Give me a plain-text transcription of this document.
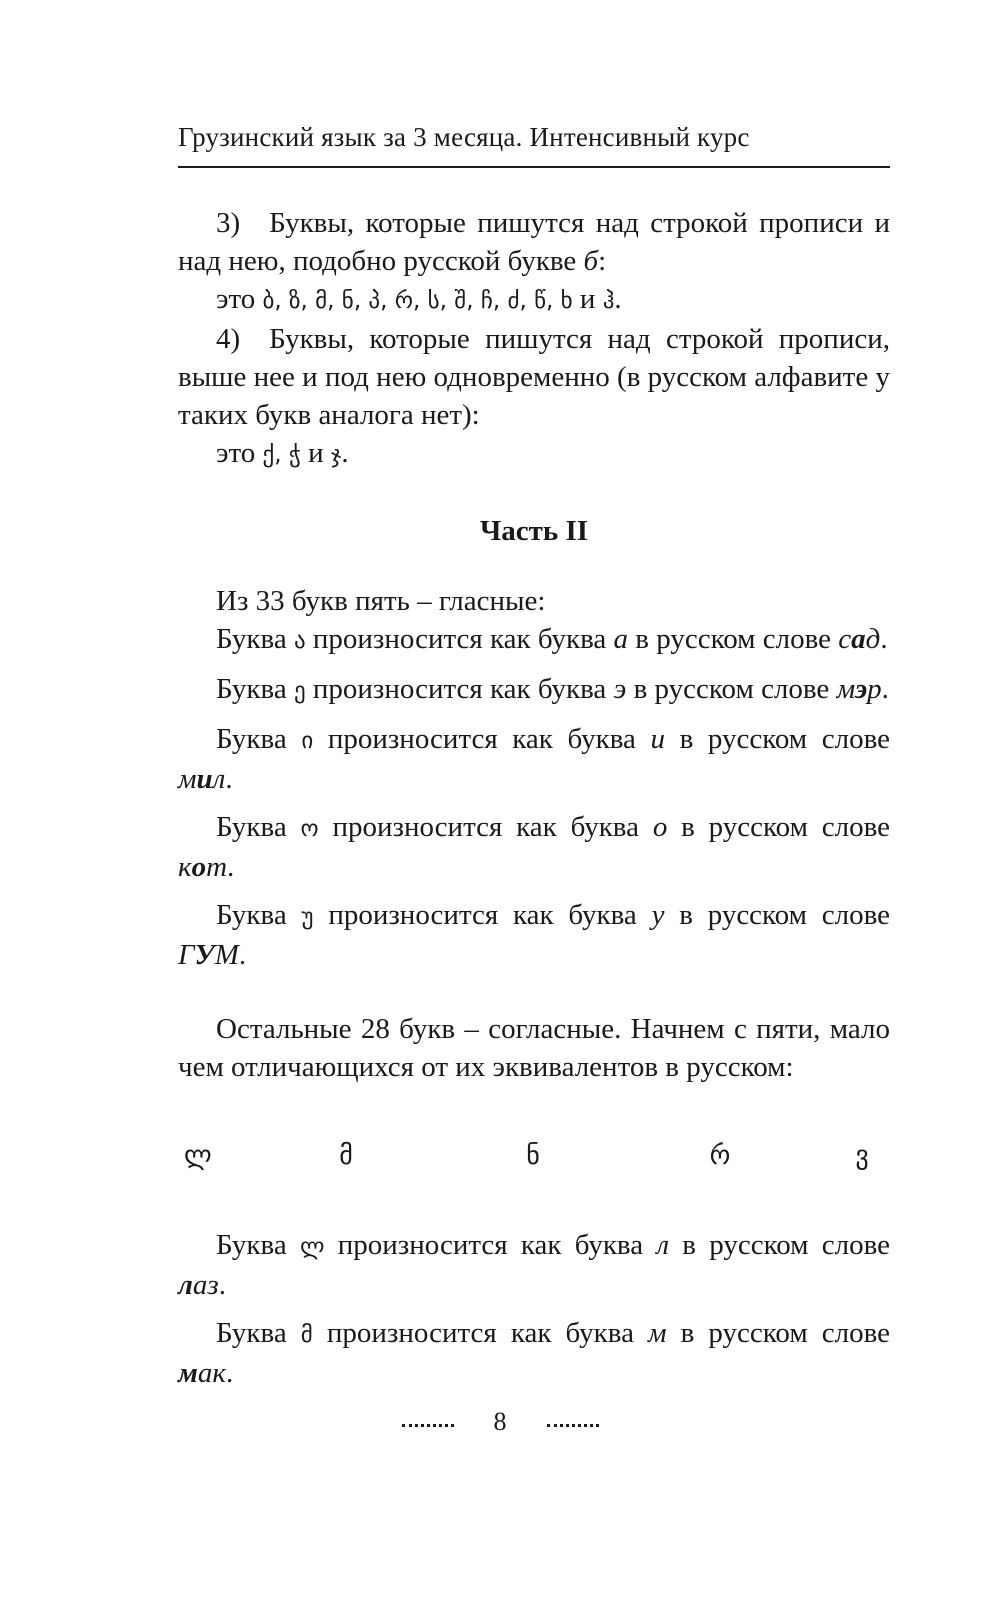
Грузинский язык за 3 месяца. Интенсивный курс

3) Буквы, которые пишутся над строкой прописи и над нею, подобно русской букве б:

это ბ, ზ, მ, ნ, პ, რ, ს, შ, ჩ, ძ, წ, ხ и ჰ.

4) Буквы, которые пишутся над строкой прописи, выше нее и под нею одновременно (в русском алфавите у таких букв аналога нет):

это ქ, ჭ и ჯ.

Часть II

Из 33 букв пять – гласные:

Буква ა произносится как буква а в русском слове сад.

Буква ე произносится как буква э в русском слове мэр.

Буква ი произносится как буква и в русском слове мил.

Буква ო произносится как буква о в русском слове кот.

Буква უ произносится как буква у в русском слове ГУМ.

Остальные 28 букв – согласные. Начнем с пяти, мало чем отличающихся от их эквивалентов в русском:

ლ	მ	ნ	რ	ვ

Буква ლ произносится как буква л в русском слове лаз.

Буква მ произносится как буква м в русском слове мак.

8
